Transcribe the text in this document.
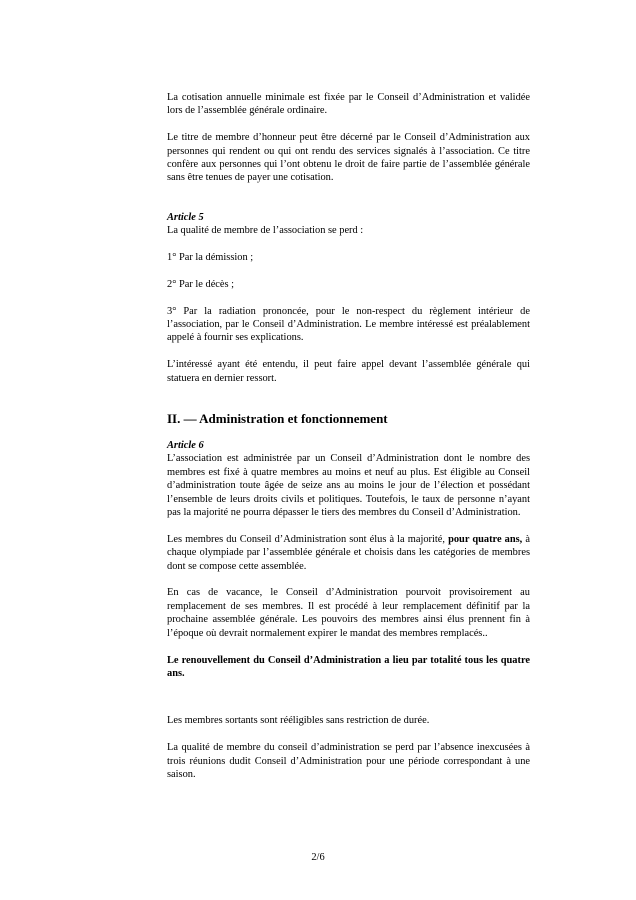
La cotisation annuelle minimale est fixée par le Conseil d’Administration et validée lors de l’assemblée générale ordinaire.

Le titre de membre d’honneur peut être décerné par le Conseil d’Administration aux personnes qui rendent ou qui ont rendu des services signalés à l’association. Ce titre confère aux personnes qui l’ont obtenu le droit de faire partie de l’assemblée générale sans être tenues de payer une cotisation.

Article 5

La qualité de membre de l’association se perd :

1° Par la démission ;

2° Par le décès ;

3° Par la radiation prononcée, pour le non-respect du règlement intérieur de l’association, par le Conseil d’Administration. Le membre intéressé est préalablement appelé à fournir ses explications.

L’intéressé ayant été entendu, il peut faire appel devant l’assemblée générale qui statuera en dernier ressort.

II. — Administration et fonctionnement

Article 6

L’association est administrée par un Conseil d’Administration dont le nombre des membres est fixé à quatre membres au moins et neuf au plus. Est éligible au Conseil d’administration toute âgée de seize ans au moins le jour de l’élection et possédant l’ensemble de leurs droits civils et politiques. Toutefois, le taux de personne n’ayant pas la majorité ne pourra dépasser le tiers des membres du Conseil d’Administration.

Les membres du Conseil d’Administration sont élus à la majorité, pour quatre ans, à chaque olympiade par l’assemblée générale et choisis dans les catégories de membres dont se compose cette assemblée.

En cas de vacance, le Conseil d’Administration pourvoit provisoirement au remplacement de ses membres. Il est procédé à leur remplacement définitif par la prochaine assemblée générale. Les pouvoirs des membres ainsi élus prennent fin à l’époque où devrait normalement expirer le mandat des membres remplacés..

Le renouvellement du Conseil d’Administration a lieu par totalité tous les quatre ans.

Les membres sortants sont rééligibles sans restriction de durée.

La qualité de membre du conseil d’administration se perd par l’absence inexcusées à trois réunions dudit Conseil d’Administration pour une période correspondant à une saison.

2/6
